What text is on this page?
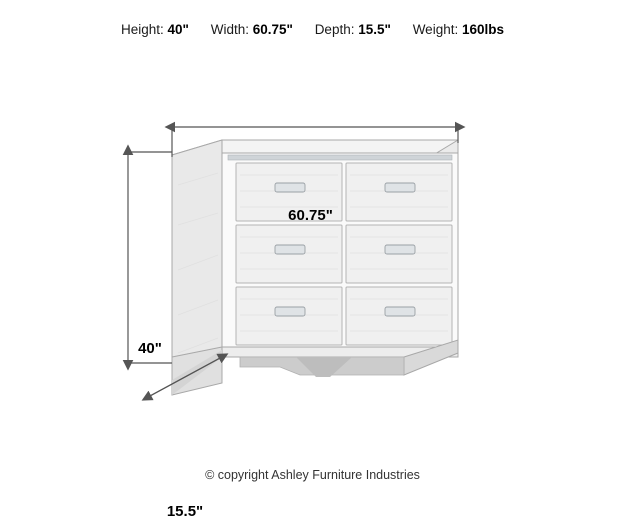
Height: 40" Width: 60.75" Depth: 15.5" Weight: 160lbs
60.75"
40"
15.5"
© copyright Ashley Furniture Industries
